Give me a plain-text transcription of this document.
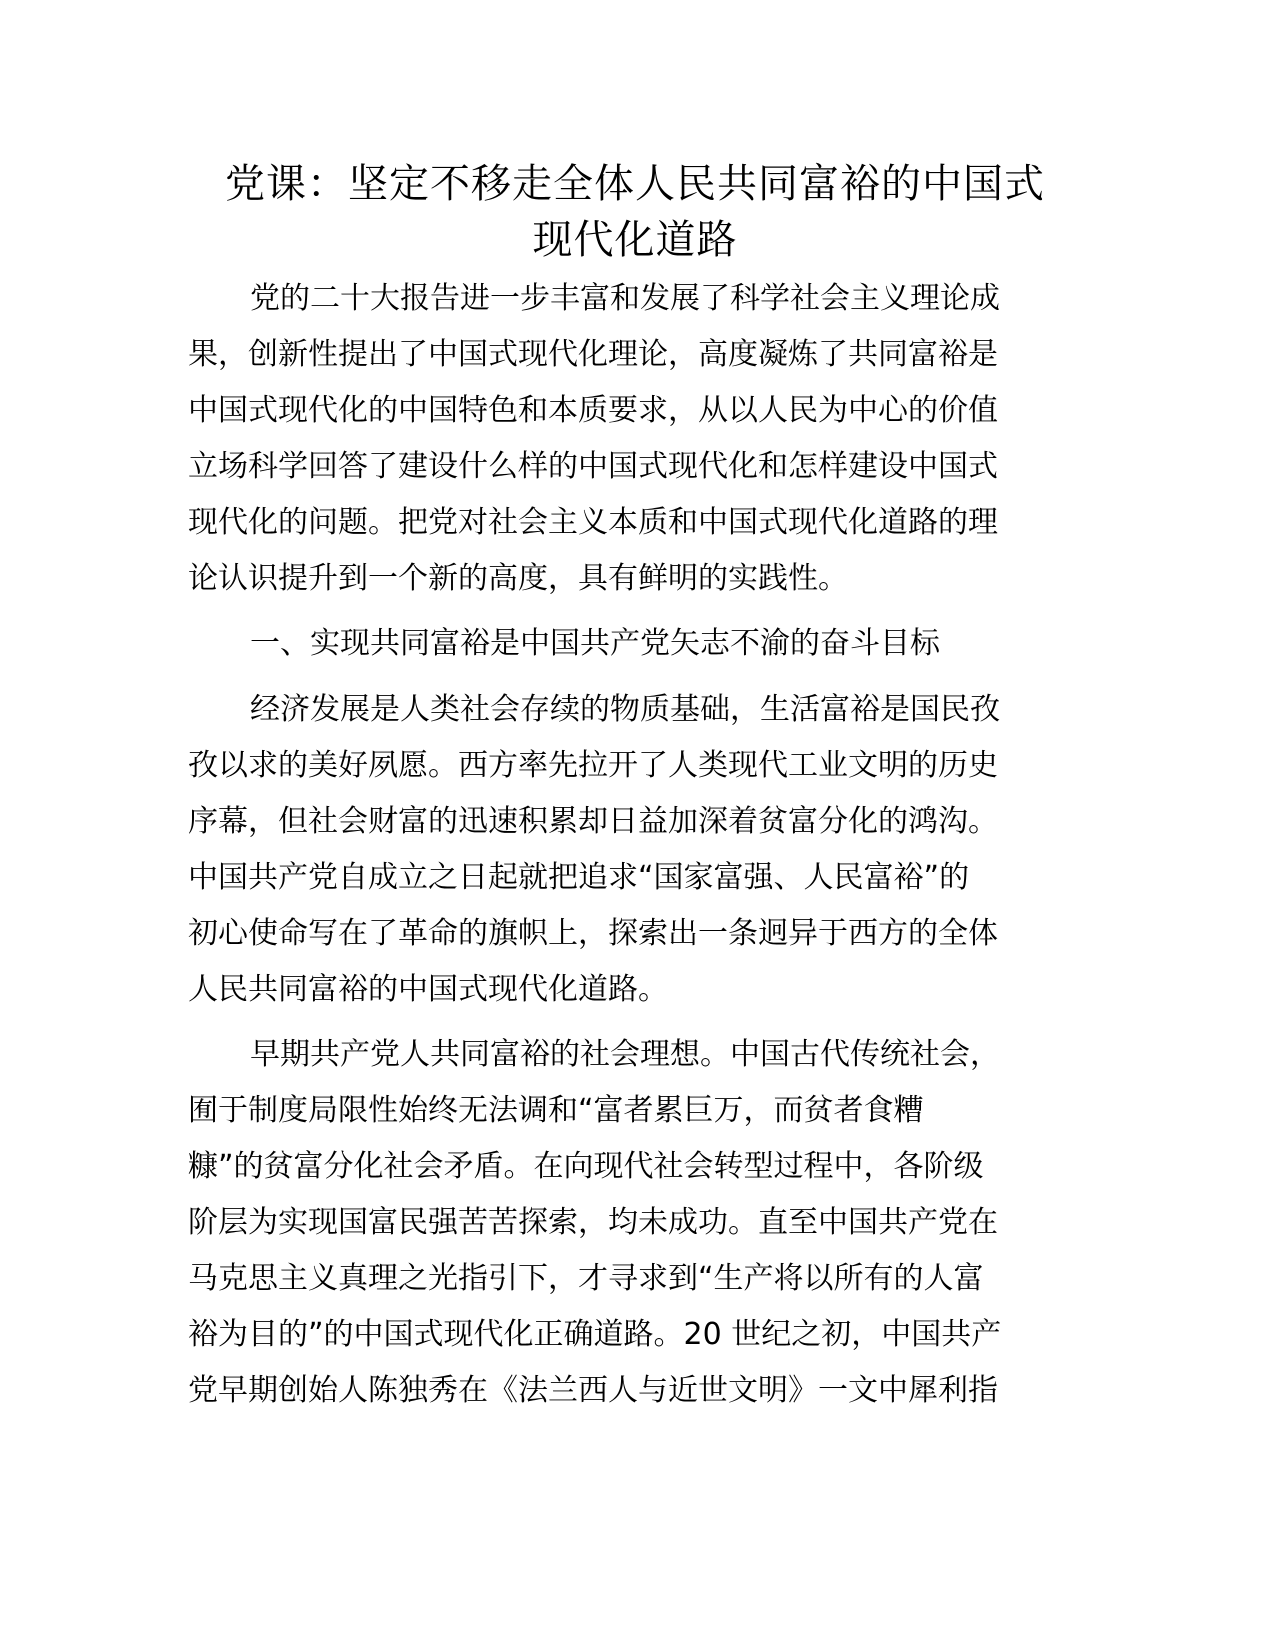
党课：坚定不移走全体人民共同富裕的中国式
现代化道路

党的二十大报告进一步丰富和发展了科学社会主义理论成

果，创新性提出了中国式现代化理论，高度凝炼了共同富裕是

中国式现代化的中国特色和本质要求，从以人民为中心的价值

立场科学回答了建设什么样的中国式现代化和怎样建设中国式

现代化的问题。把党对社会主义本质和中国式现代化道路的理

论认识提升到一个新的高度，具有鲜明的实践性。

一、实现共同富裕是中国共产党矢志不渝的奋斗目标

经济发展是人类社会存续的物质基础，生活富裕是国民孜

孜以求的美好夙愿。西方率先拉开了人类现代工业文明的历史

序幕，但社会财富的迅速积累却日益加深着贫富分化的鸿沟。

中国共产党自成立之日起就把追求“国家富强、人民富裕”的

初心使命写在了革命的旗帜上，探索出一条迥异于西方的全体

人民共同富裕的中国式现代化道路。

早期共产党人共同富裕的社会理想。中国古代传统社会，

囿于制度局限性始终无法调和“富者累巨万，而贫者食糟

糠”的贫富分化社会矛盾。在向现代社会转型过程中，各阶级

阶层为实现国富民强苦苦探索，均未成功。直至中国共产党在

马克思主义真理之光指引下，才寻求到“生产将以所有的人富

裕为目的”的中国式现代化正确道路。20 世纪之初，中国共产

党早期创始人陈独秀在《法兰西人与近世文明》一文中犀利指
